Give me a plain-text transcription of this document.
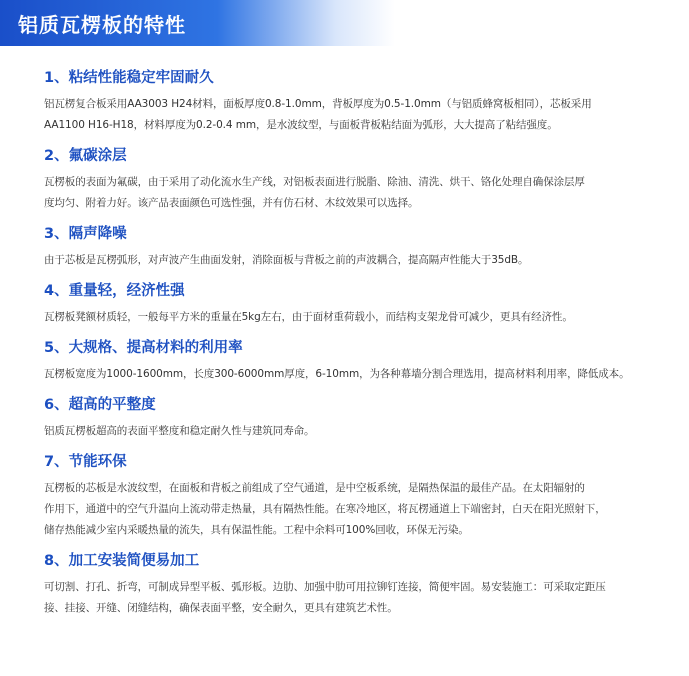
铝质瓦楞板的特性
1、粘结性能稳定牢固耐久
铝瓦楞复合板采用AA3003 H24材料，面板厚度0.8-1.0mm，背板厚度为0.5-1.0mm（与铝质蜂窝板相同），芯板采用
AA1100 H16-H18，材料厚度为0.2-0.4 mm，是水波纹型，与面板背板粘结面为弧形，大大提高了粘结强度。
2、氟碳涂层
瓦楞板的表面为氟碳，由于采用了动化流水生产线，对铝板表面进行脱脂、除油、清洗、烘干、铬化处理自确保涂层厚
度均匀、附着力好。该产品表面颜色可选性强，并有仿石材、木纹效果可以选择。
3、隔声降噪
由于芯板是瓦楞弧形，对声波产生曲面发射，消除面板与背板之前的声波耦合，提高隔声性能大于35dB。
4、重量轻，经济性强
瓦楞板凳额材质轻，一般每平方米的重量在5kg左右，由于面材重荷载小，而结构支架龙骨可减少，更具有经济性。
5、大规格、提高材料的利用率
瓦楞板宽度为1000-1600mm，长度300-6000mm厚度，6-10mm，为各种幕墙分割合理选用，提高材料利用率，降低成本。
6、超高的平整度
铝质瓦楞板超高的表面平整度和稳定耐久性与建筑同寿命。
7、节能环保
瓦楞板的芯板是水波纹型，在面板和背板之前组成了空气通道，是中空板系统，是隔热保温的最佳产品。在太阳辐射的
作用下，通道中的空气升温向上流动带走热量，具有隔热性能。在寒冷地区，将瓦楞通道上下端密封，白天在阳光照射下，
储存热能减少室内采暖热量的流失，具有保温性能。工程中余料可100%回收，环保无污染。
8、加工安装简便易加工
可切割、打孔、折弯，可制成异型平板、弧形板。边肋、加强中肋可用拉铆钉连接，简便牢固。易安装施工：可采取定距压
接、挂接、开缝、闭缝结构，确保表面平整，安全耐久，更具有建筑艺术性。
